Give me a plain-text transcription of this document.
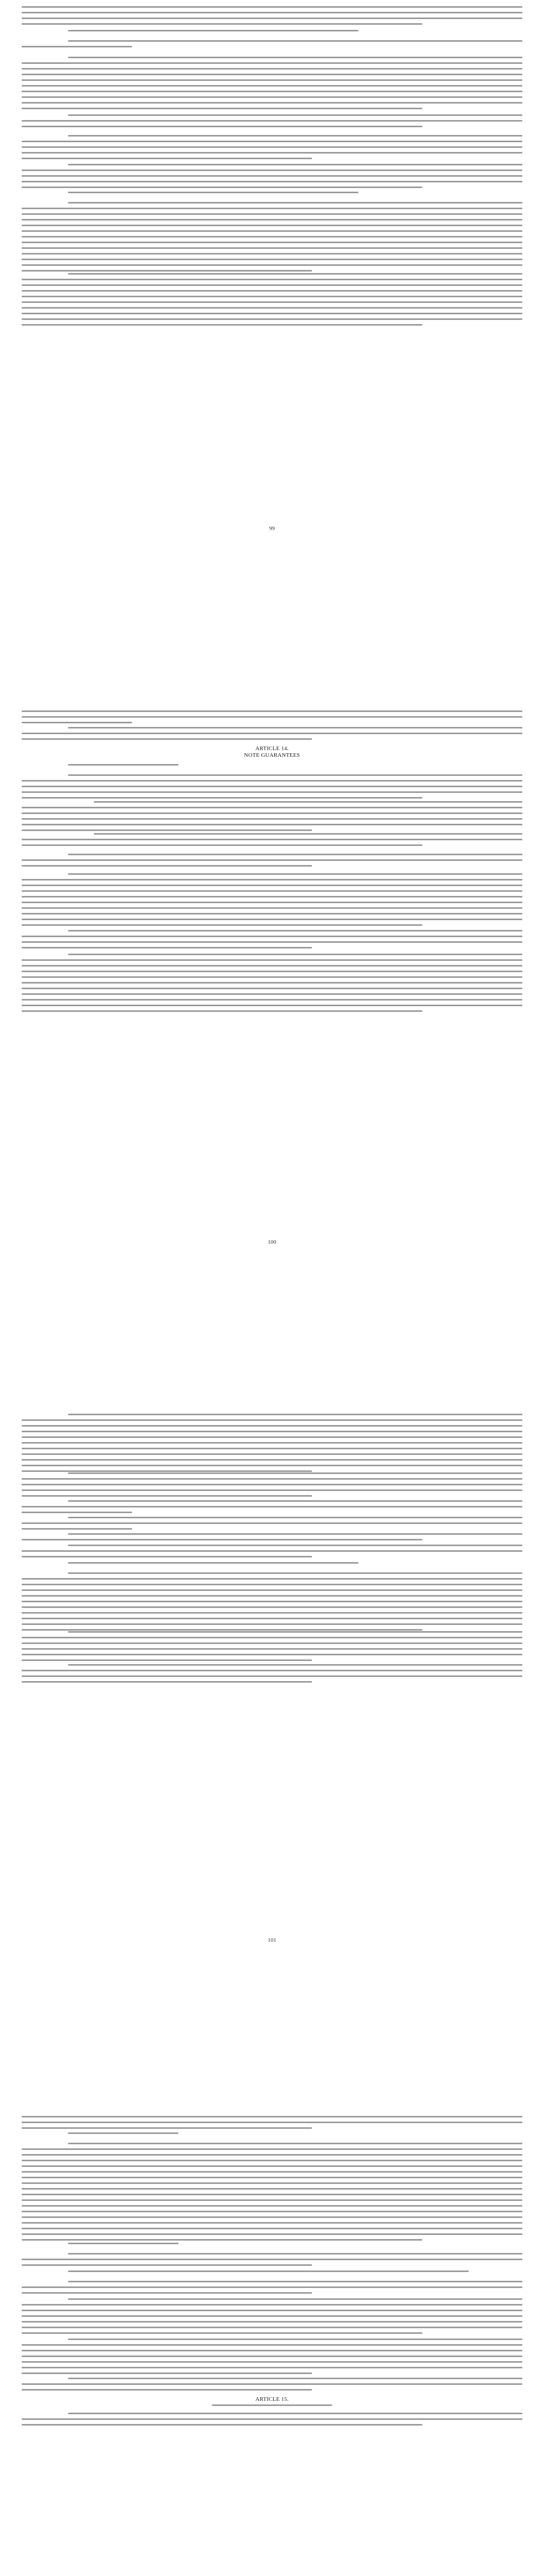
99
ARTICLE 14.
NOTE GUARANTEES
100
101
ARTICLE 15.
